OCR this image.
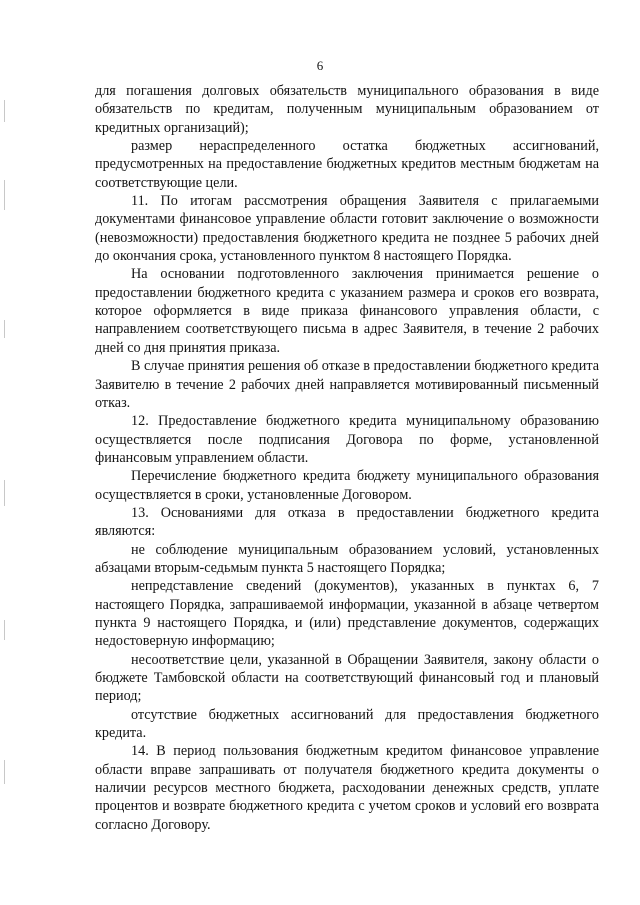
6

для погашения долговых обязательств муниципального образования в виде обязательств по кредитам, полученным муниципальным образованием от кредитных организаций);

размер нераспределенного остатка бюджетных ассигнований, предусмотренных на предоставление бюджетных кредитов местным бюджетам на соответствующие цели.

11. По итогам рассмотрения обращения Заявителя с прилагаемыми документами финансовое управление области готовит заключение о возможности (невозможности) предоставления бюджетного кредита не позднее 5 рабочих дней до окончания срока, установленного пунктом 8 настоящего Порядка.

На основании подготовленного заключения принимается решение о предоставлении бюджетного кредита с указанием размера и сроков его возврата, которое оформляется в виде приказа финансового управления области, с направлением соответствующего письма в адрес Заявителя, в течение 2 рабочих дней со дня принятия приказа.

В случае принятия решения об отказе в предоставлении бюджетного кредита Заявителю в течение 2 рабочих дней направляется мотивированный письменный отказ.

12. Предоставление бюджетного кредита муниципальному образованию осуществляется после подписания Договора по форме, установленной финансовым управлением области.

Перечисление бюджетного кредита бюджету муниципального образования осуществляется в сроки, установленные Договором.

13. Основаниями для отказа в предоставлении бюджетного кредита являются:

не соблюдение муниципальным образованием условий, установленных абзацами вторым-седьмым пункта 5 настоящего Порядка;

непредставление сведений (документов), указанных в пунктах 6, 7 настоящего Порядка, запрашиваемой информации, указанной в абзаце четвертом пункта 9 настоящего Порядка, и (или) представление документов, содержащих недостоверную информацию;

несоответствие цели, указанной в Обращении Заявителя, закону области о бюджете Тамбовской области на соответствующий финансовый год и плановый период;

отсутствие бюджетных ассигнований для предоставления бюджетного кредита.

14. В период пользования бюджетным кредитом финансовое управление области вправе запрашивать от получателя бюджетного кредита документы о наличии ресурсов местного бюджета, расходовании денежных средств, уплате процентов и возврате бюджетного кредита с учетом сроков и условий его возврата согласно Договору.
